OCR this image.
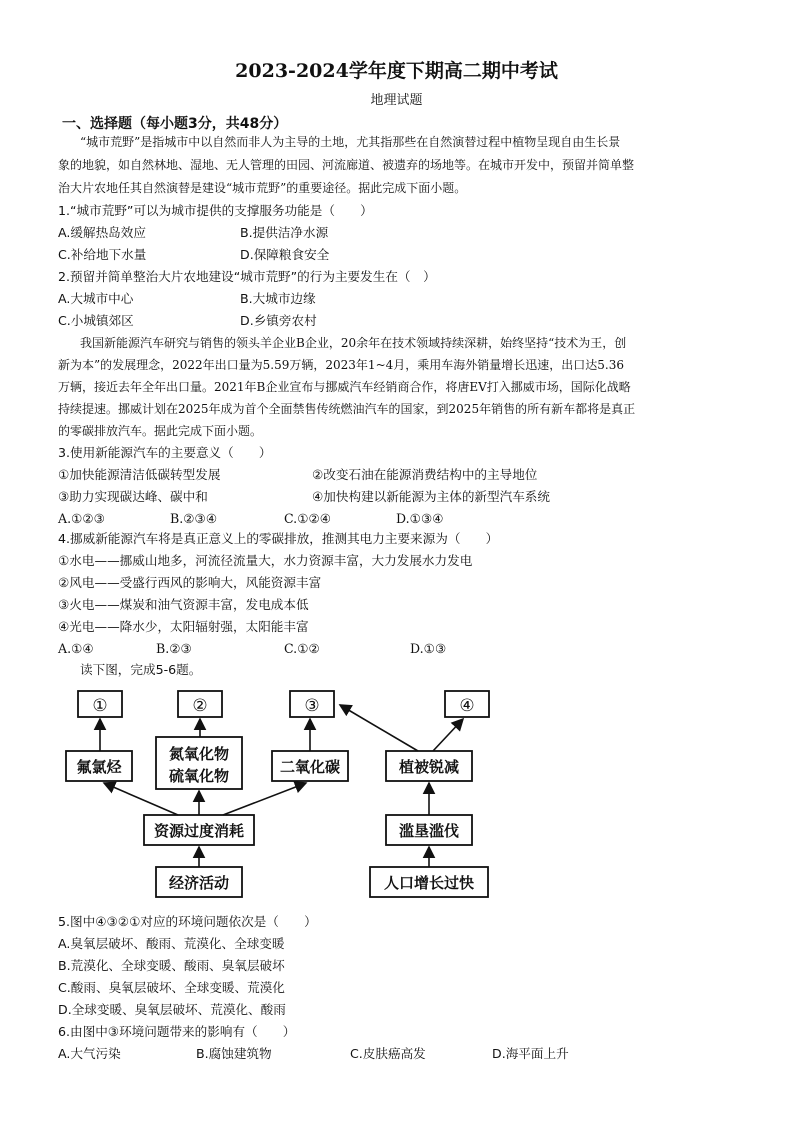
2023-2024学年度下期高二期中考试
地理试题
一、选择题（每小题3分，共48分）
“城市荒野”是指城市中以自然而非人为主导的土地，尤其指那些在自然演替过程中植物呈现自由生长景
象的地貌，如自然林地、湿地、无人管理的田园、河流廊道、被遗弃的场地等。在城市开发中，预留并简单整
治大片农地任其自然演替是建设“城市荒野”的重要途径。据此完成下面小题。
1.“城市荒野”可以为城市提供的支撑服务功能是（　　）
A.缓解热岛效应	B.提供洁净水源
C.补给地下水量	D.保障粮食安全
2.预留并简单整治大片农地建设“城市荒野”的行为主要发生在（　）
A.大城市中心	B.大城市边缘
C.小城镇郊区	D.乡镇旁农村
我国新能源汽车研究与销售的领头羊企业B企业，20余年在技术领域持续深耕，始终坚持“技术为王，创
新为本”的发展理念，2022年出口量为5.59万辆，2023年1~4月，乘用车海外销量增长迅速，出口达5.36
万辆，接近去年全年出口量。2021年B企业宣布与挪威汽车经销商合作，将唐EV打入挪威市场，国际化战略
持续提速。挪威计划在2025年成为首个全面禁售传统燃油汽车的国家，到2025年销售的所有新车都将是真正
的零碳排放汽车。据此完成下面小题。
3.使用新能源汽车的主要意义（　　）
①加快能源清洁低碳转型发展	②改变石油在能源消费结构中的主导地位
③助力实现碳达峰、碳中和	④加快构建以新能源为主体的新型汽车系统
A.①②③	B.②③④	C.①②④	D.①③④
4.挪威新能源汽车将是真正意义上的零碳排放，推测其电力主要来源为（　　）
①水电——挪威山地多，河流径流量大，水力资源丰富，大力发展水力发电
②风电——受盛行西风的影响大，风能资源丰富
③火电——煤炭和油气资源丰富，发电成本低
④光电——降水少，太阳辐射强，太阳能丰富
A.①④	B.②③	C.①②	D.①③
读下图，完成5-6题。
①	②	③	④
氟氯烃
氮氧化物
硫氧化物	二氧化碳	植被锐减
资源过度消耗	滥垦滥伐
经济活动	人口增长过快
5.图中④③②①对应的环境问题依次是（　　）
A.臭氧层破坏、酸雨、荒漠化、全球变暖
B.荒漠化、全球变暖、酸雨、臭氧层破坏
C.酸雨、臭氧层破坏、全球变暖、荒漠化
D.全球变暖、臭氧层破坏、荒漠化、酸雨
6.由图中③环境问题带来的影响有（　　）
A.大气污染	B.腐蚀建筑物	C.皮肤癌高发	D.海平面上升
